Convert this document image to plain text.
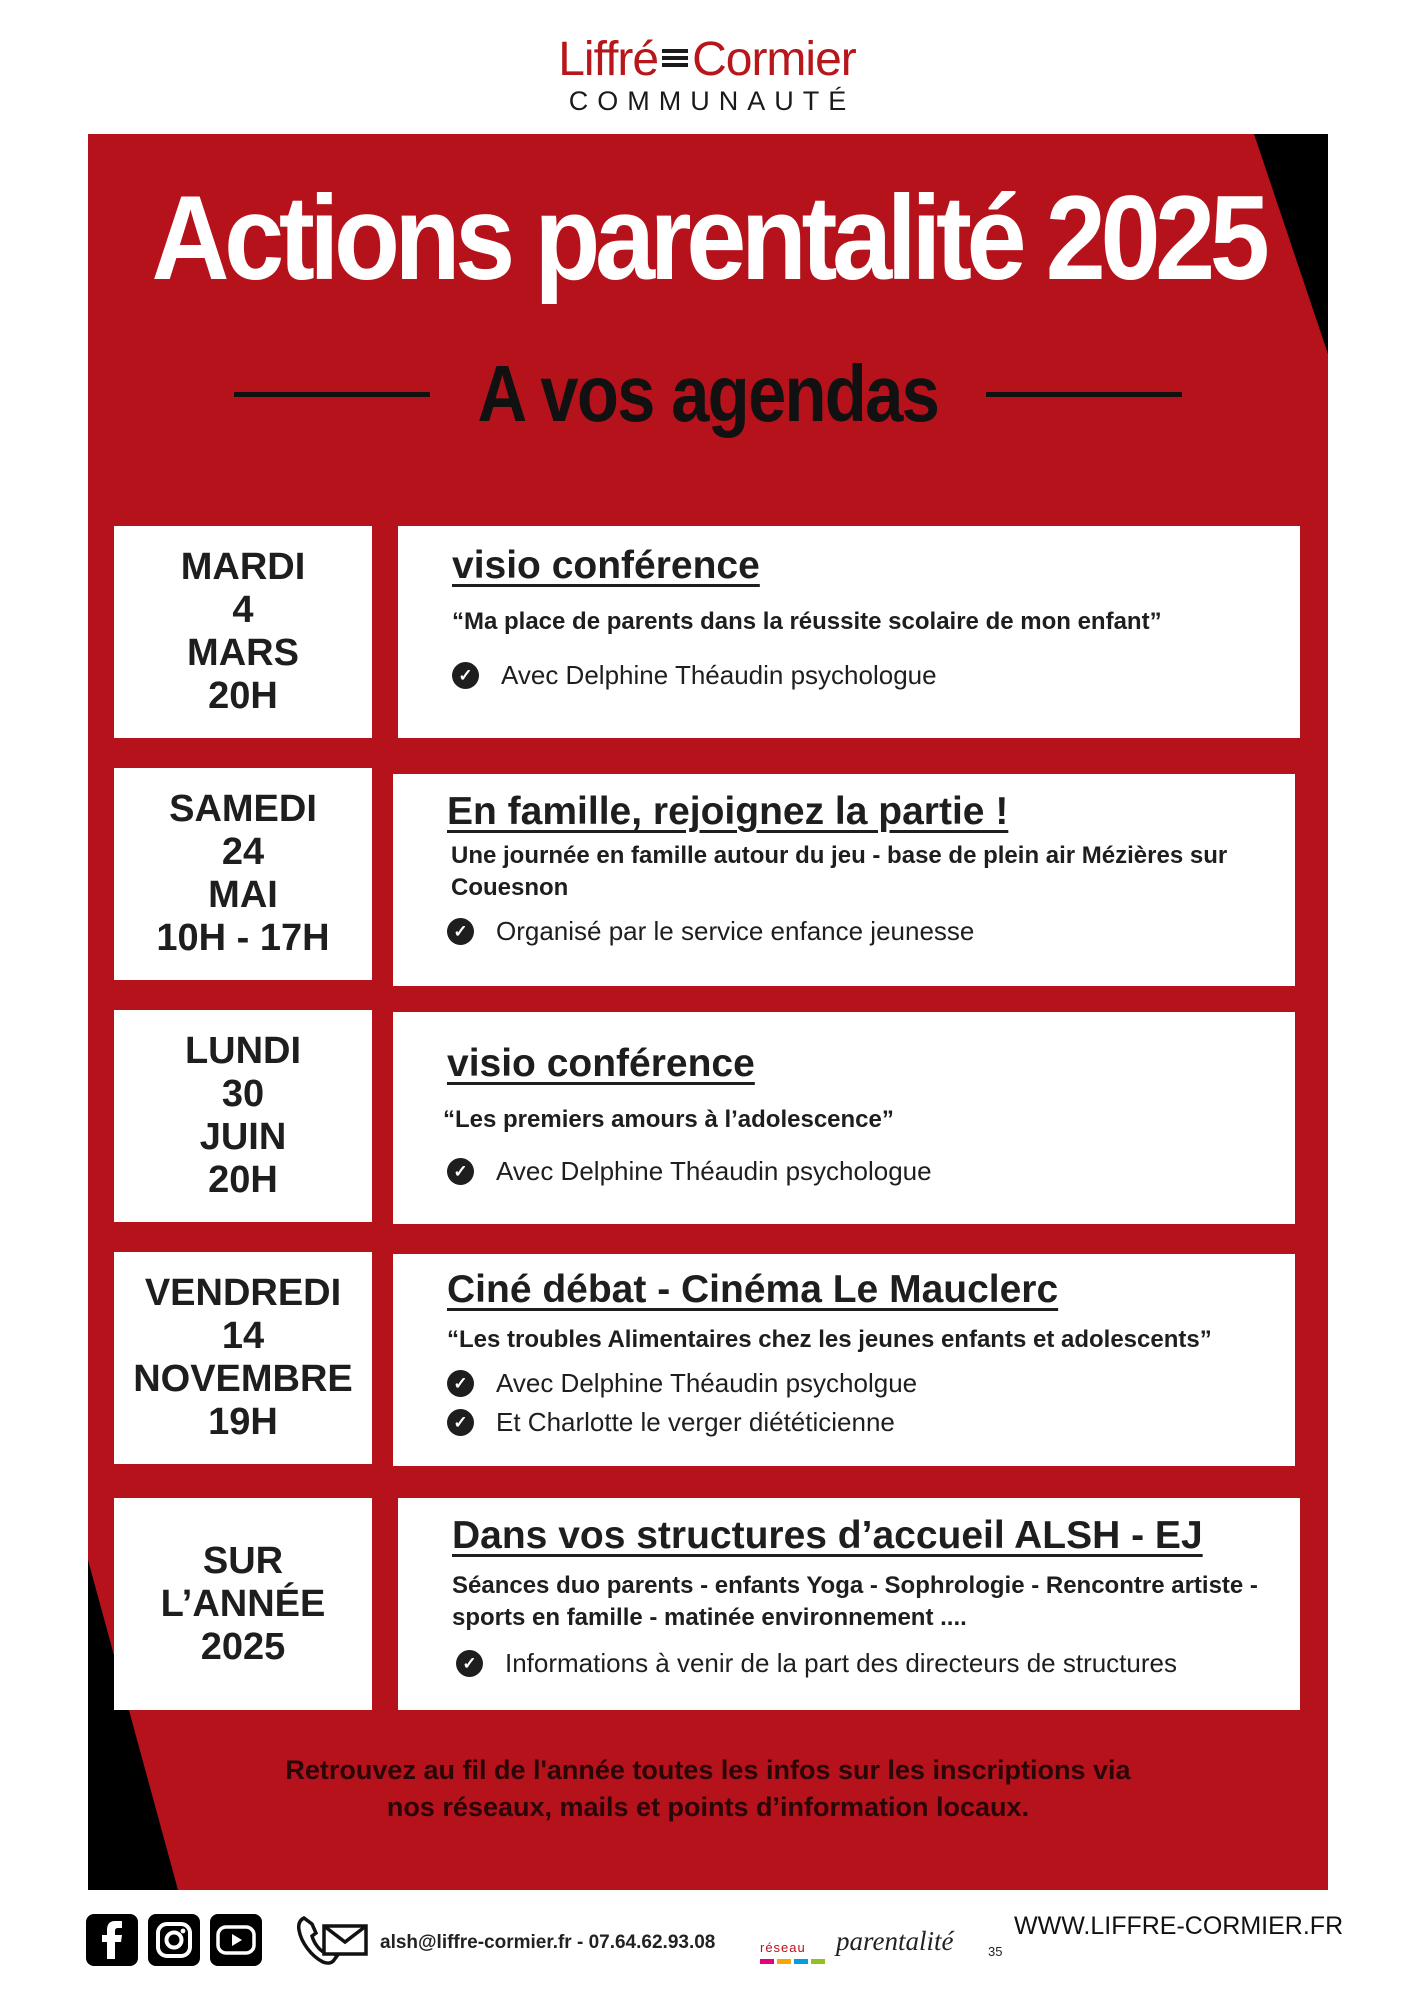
Liffré Cormier
COMMUNAUTÉ
Actions parentalité 2025
A vos agendas
MARDI
4
MARS
20H
visio conférence
“Ma place de parents dans la réussite scolaire de mon enfant”
✓ Avec Delphine Théaudin psychologue
SAMEDI
24
MAI
10H - 17H
En famille, rejoignez la partie !
Une journée en famille autour du jeu - base de plein air Mézières sur Couesnon
✓ Organisé par le service enfance jeunesse
LUNDI
30
JUIN
20H
visio conférence
“Les premiers amours à l’adolescence”
✓ Avec Delphine Théaudin psychologue
VENDREDI
14
NOVEMBRE
19H
Ciné débat - Cinéma Le Mauclerc
“Les troubles Alimentaires chez les jeunes enfants et adolescents”
✓ Avec Delphine Théaudin psycholgue
✓ Et Charlotte le verger diététicienne
SUR
L’ANNÉE
2025
Dans vos structures d’accueil ALSH - EJ
Séances duo parents - enfants Yoga - Sophrologie - Rencontre artiste - sports en famille - matinée environnement ....
✓ Informations à venir de la part des directeurs de structures
Retrouvez au fil de l'année toutes les infos sur les inscriptions via
nos réseaux, mails et points d’information locaux.
alsh@liffre-cormier.fr - 07.64.62.93.08	réseau parentalité	35
WWW.LIFFRE-CORMIER.FR
